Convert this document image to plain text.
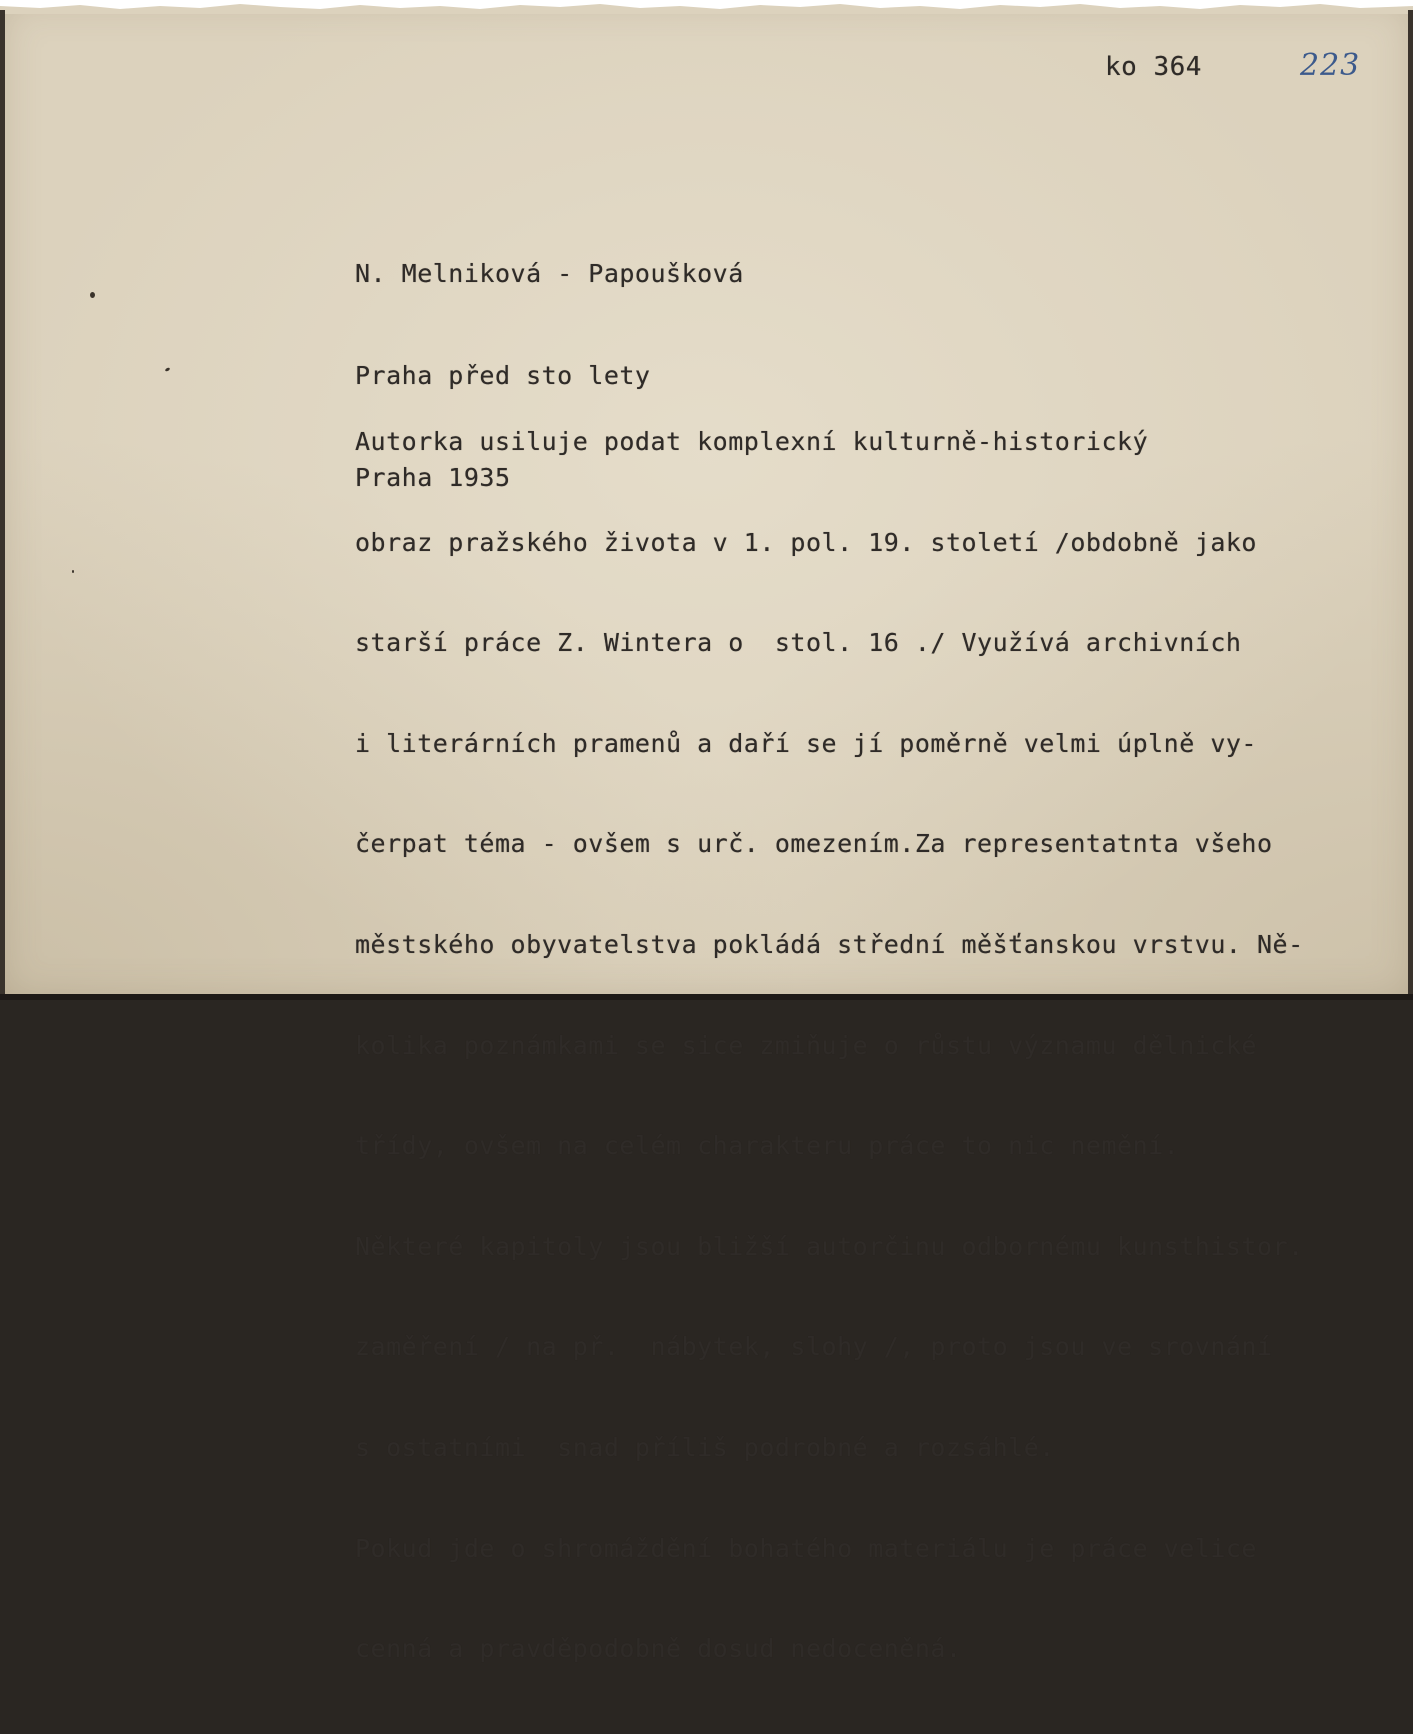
ko 364	223

N. Melniková - Papoušková

Praha před sto lety

Praha 1935

Autorka usiluje podat komplexní kulturně-historický

obraz pražského života v 1. pol. 19. století /obdobně jako

starší práce Z. Wintera o  stol. 16 ./ Využívá archivních

i literárních pramenů a daří se jí poměrně velmi úplně vy-

čerpat téma - ovšem s urč. omezením.Za representatnta všeho

městského obyvatelstva pokládá střední měšťanskou vrstvu. Ně-

kolika poznámkami se sice zmiňuje o růstu významu dělnické

třídy, ovšem na celém charakteru práce to nic nemění.

Některé kapitoly jsou bližší autorčinu odbornému kunsthistor.

zaměření / na př.  nábytek, slohy /, proto jsou ve srovnání

s ostatními  snad příliš podrobné a rozsáhlé.

Pokud jde o shromáždění bohatého materiálu je práce velice

cenná a pravděpodobně dosud nedoceněná.
